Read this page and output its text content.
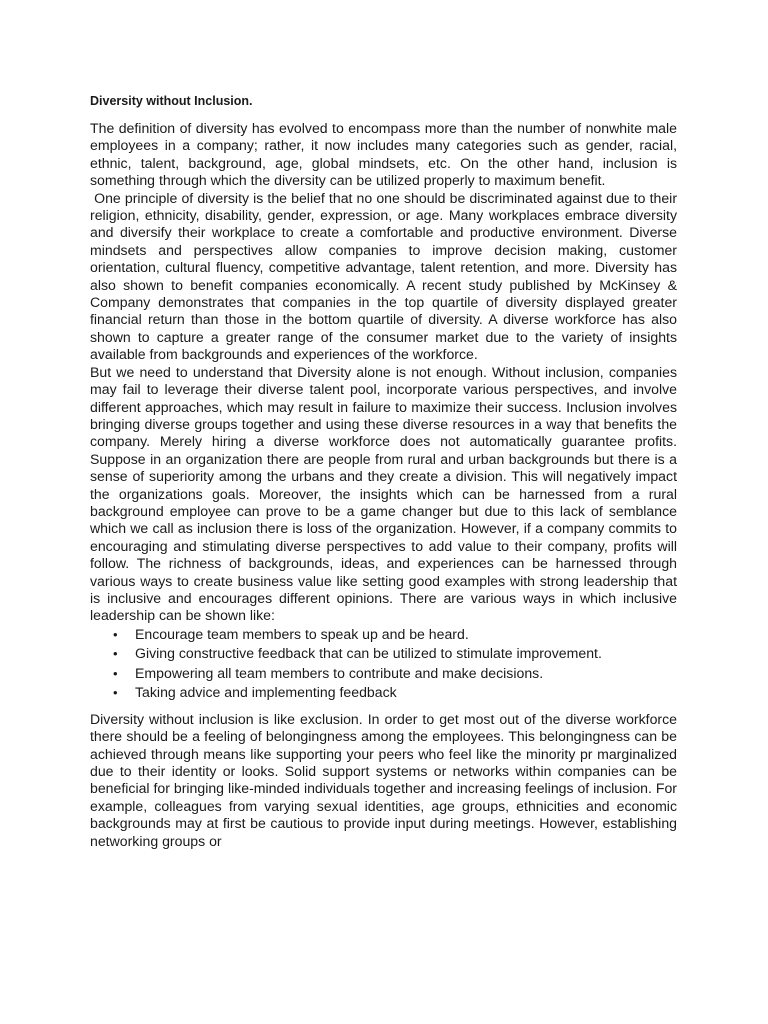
Diversity without Inclusion.

The definition of diversity has evolved to encompass more than the number of nonwhite male employees in a company; rather, it now includes many categories such as gender, racial, ethnic, talent, background, age, global mindsets, etc. On the other hand, inclusion is something through which the diversity can be utilized properly to maximum benefit.

One principle of diversity is the belief that no one should be discriminated against due to their religion, ethnicity, disability, gender, expression, or age. Many workplaces embrace diversity and diversify their workplace to create a comfortable and productive environment. Diverse mindsets and perspectives allow companies to improve decision making, customer orientation, cultural fluency, competitive advantage, talent retention, and more. Diversity has also shown to benefit companies economically. A recent study published by McKinsey & Company demonstrates that companies in the top quartile of diversity displayed greater financial return than those in the bottom quartile of diversity. A diverse workforce has also shown to capture a greater range of the consumer market due to the variety of insights available from backgrounds and experiences of the workforce.

But we need to understand that Diversity alone is not enough. Without inclusion, companies may fail to leverage their diverse talent pool, incorporate various perspectives, and involve different approaches, which may result in failure to maximize their success. Inclusion involves bringing diverse groups together and using these diverse resources in a way that benefits the company. Merely hiring a diverse workforce does not automatically guarantee profits. Suppose in an organization there are people from rural and urban backgrounds but there is a sense of superiority among the urbans and they create a division. This will negatively impact the organizations goals. Moreover, the insights which can be harnessed from a rural background employee can prove to be a game changer but due to this lack of semblance which we call as inclusion there is loss of the organization. However, if a company commits to encouraging and stimulating diverse perspectives to add value to their company, profits will follow. The richness of backgrounds, ideas, and experiences can be harnessed through various ways to create business value like setting good examples with strong leadership that is inclusive and encourages different opinions. There are various ways in which inclusive leadership can be shown like:

• Encourage team members to speak up and be heard.
• Giving constructive feedback that can be utilized to stimulate improvement.
• Empowering all team members to contribute and make decisions.
• Taking advice and implementing feedback

Diversity without inclusion is like exclusion. In order to get most out of the diverse workforce there should be a feeling of belongingness among the employees. This belongingness can be achieved through means like supporting your peers who feel like the minority pr marginalized due to their identity or looks. Solid support systems or networks within companies can be beneficial for bringing like-minded individuals together and increasing feelings of inclusion. For example, colleagues from varying sexual identities, age groups, ethnicities and economic backgrounds may at first be cautious to provide input during meetings. However, establishing networking groups or
